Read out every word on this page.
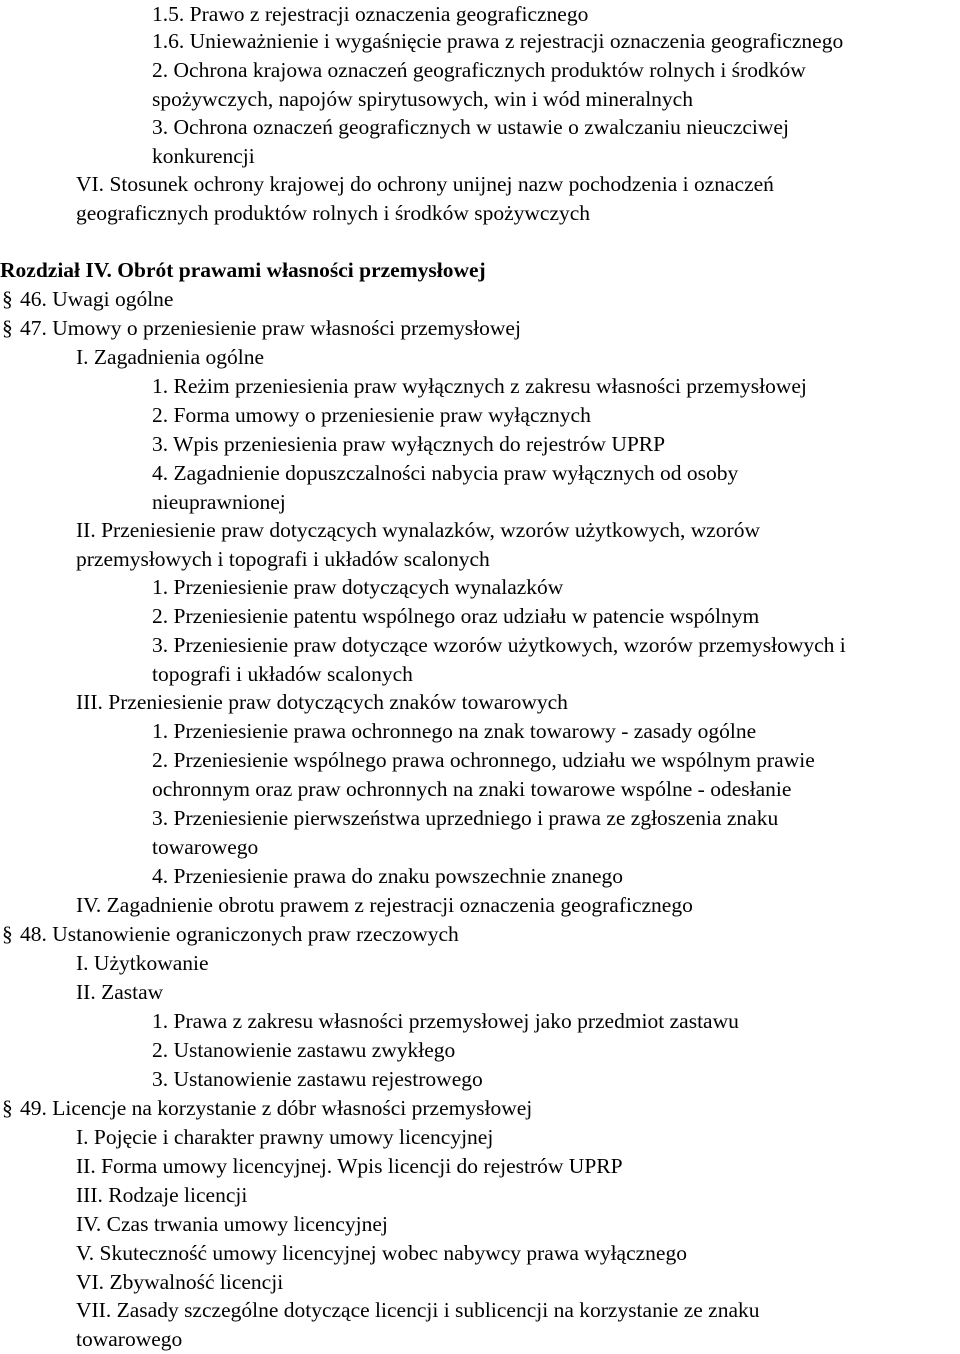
1.5. Prawo z rejestracji oznaczenia geograficznego
1.6. Unieważnienie i wygaśnięcie prawa z rejestracji oznaczenia geograficznego
2. Ochrona krajowa oznaczeń geograficznych produktów rolnych i środków
spożywczych, napojów spirytusowych, win i wód mineralnych
3. Ochrona oznaczeń geograficznych w ustawie o zwalczaniu nieuczciwej
konkurencji
VI. Stosunek ochrony krajowej do ochrony unijnej nazw pochodzenia i oznaczeń
geograficznych produktów rolnych i środków spożywczych
Rozdział IV. Obrót prawami własności przemysłowej
§ 46. Uwagi ogólne
§ 47. Umowy o przeniesienie praw własności przemysłowej
I. Zagadnienia ogólne
1. Reżim przeniesienia praw wyłącznych z zakresu własności przemysłowej
2. Forma umowy o przeniesienie praw wyłącznych
3. Wpis przeniesienia praw wyłącznych do rejestrów UPRP
4. Zagadnienie dopuszczalności nabycia praw wyłącznych od osoby
nieuprawnionej
II. Przeniesienie praw dotyczących wynalazków, wzorów użytkowych, wzorów
przemysłowych i topografi i układów scalonych
1. Przeniesienie praw dotyczących wynalazków
2. Przeniesienie patentu wspólnego oraz udziału w patencie wspólnym
3. Przeniesienie praw dotyczące wzorów użytkowych, wzorów przemysłowych i
topografi i układów scalonych
III. Przeniesienie praw dotyczących znaków towarowych
1. Przeniesienie prawa ochronnego na znak towarowy - zasady ogólne
2. Przeniesienie wspólnego prawa ochronnego, udziału we wspólnym prawie
ochronnym oraz praw ochronnych na znaki towarowe wspólne - odesłanie
3. Przeniesienie pierwszeństwa uprzedniego i prawa ze zgłoszenia znaku
towarowego
4. Przeniesienie prawa do znaku powszechnie znanego
IV. Zagadnienie obrotu prawem z rejestracji oznaczenia geograficznego
§ 48. Ustanowienie ograniczonych praw rzeczowych
I. Użytkowanie
II. Zastaw
1. Prawa z zakresu własności przemysłowej jako przedmiot zastawu
2. Ustanowienie zastawu zwykłego
3. Ustanowienie zastawu rejestrowego
§ 49. Licencje na korzystanie z dóbr własności przemysłowej
I. Pojęcie i charakter prawny umowy licencyjnej
II. Forma umowy licencyjnej. Wpis licencji do rejestrów UPRP
III. Rodzaje licencji
IV. Czas trwania umowy licencyjnej
V. Skuteczność umowy licencyjnej wobec nabywcy prawa wyłącznego
VI. Zbywalność licencji
VII. Zasady szczególne dotyczące licencji i sublicencji na korzystanie ze znaku
towarowego
